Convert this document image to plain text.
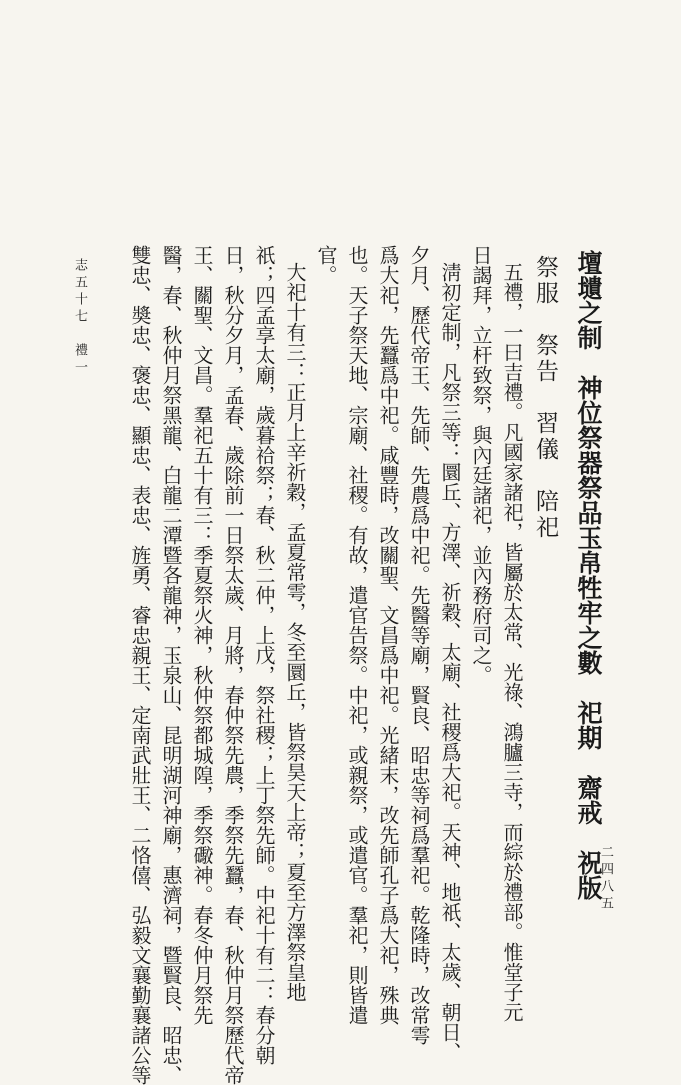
壇壝之制　神位祭器祭品玉帛牲牢之數　祀期　齋戒　祝版
祭服　祭告　習儀　陪祀
五禮，一曰吉禮。凡國家諸祀，皆屬於太常、光祿、鴻臚三寺，而綜於禮部。惟堂子元
日謁拜，立杆致祭，與內廷諸祀，並內務府司之。
淸初定制，凡祭三等：圜丘、方澤、祈穀、太廟、社稷爲大祀。天神、地祇、太歲、朝日、
夕月、歷代帝王、先師、先農爲中祀。先醫等廟，賢良、昭忠等祠爲羣祀。乾隆時，改常雩
爲大祀，先蠶爲中祀。咸豐時，改關聖、文昌爲中祀。光緒末，改先師孔子爲大祀，殊典
也。天子祭天地、宗廟、社稷。有故，遣官告祭。中祀，或親祭，或遣官。羣祀，則皆遣
官。
大祀十有三：正月上辛祈穀，孟夏常雩，冬至圜丘，皆祭昊天上帝；夏至方澤祭皇地
祇；四孟享太廟，歲暮祫祭；春、秋二仲，上戊，祭社稷；上丁祭先師。中祀十有二：春分朝
日，秋分夕月，孟春、歲除前一日祭太歲、月將，春仲祭先農，季祭先蠶，春、秋仲月祭歷代帝
王、關聖、文昌。羣祀五十有三：季夏祭火神，秋仲祭都城隍，季祭礮神。春冬仲月祭先
醫，春、秋仲月祭黑龍、白龍二潭暨各龍神，玉泉山、昆明湖河神廟，惠濟祠，暨賢良、昭忠、
雙忠、奬忠、褒忠、顯忠、表忠、旌勇、睿忠親王、定南武壯王、二恪僖、弘毅文襄勤襄諸公等
志五十七　禮一
二四八五
